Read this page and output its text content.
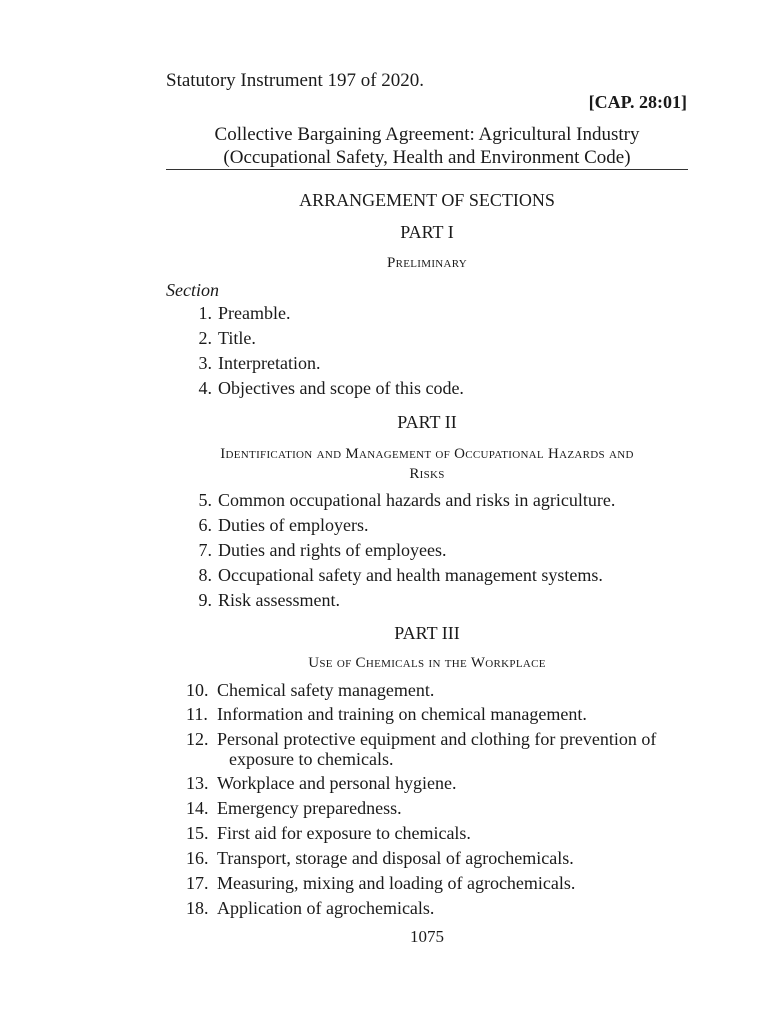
Statutory Instrument 197 of 2020.
[CAP. 28:01]
Collective Bargaining Agreement: Agricultural Industry
(Occupational Safety, Health and Environment Code)
ARRANGEMENT OF SECTIONS
PART I
Preliminary
Section
1. Preamble.
2. Title.
3. Interpretation.
4. Objectives and scope of this code.
PART II
Identification and Management of Occupational Hazards and
Risks
5. Common occupational hazards and risks in agriculture.
6. Duties of employers.
7. Duties and rights of employees.
8. Occupational safety and health management systems.
9. Risk assessment.
PART III
Use of Chemicals in the Workplace
10. Chemical safety management.
11. Information and training on chemical management.
12. Personal protective equipment and clothing for prevention of
exposure to chemicals.
13. Workplace and personal hygiene.
14. Emergency preparedness.
15. First aid for exposure to chemicals.
16. Transport, storage and disposal of agrochemicals.
17. Measuring, mixing and loading of agrochemicals.
18. Application of agrochemicals.
1075
